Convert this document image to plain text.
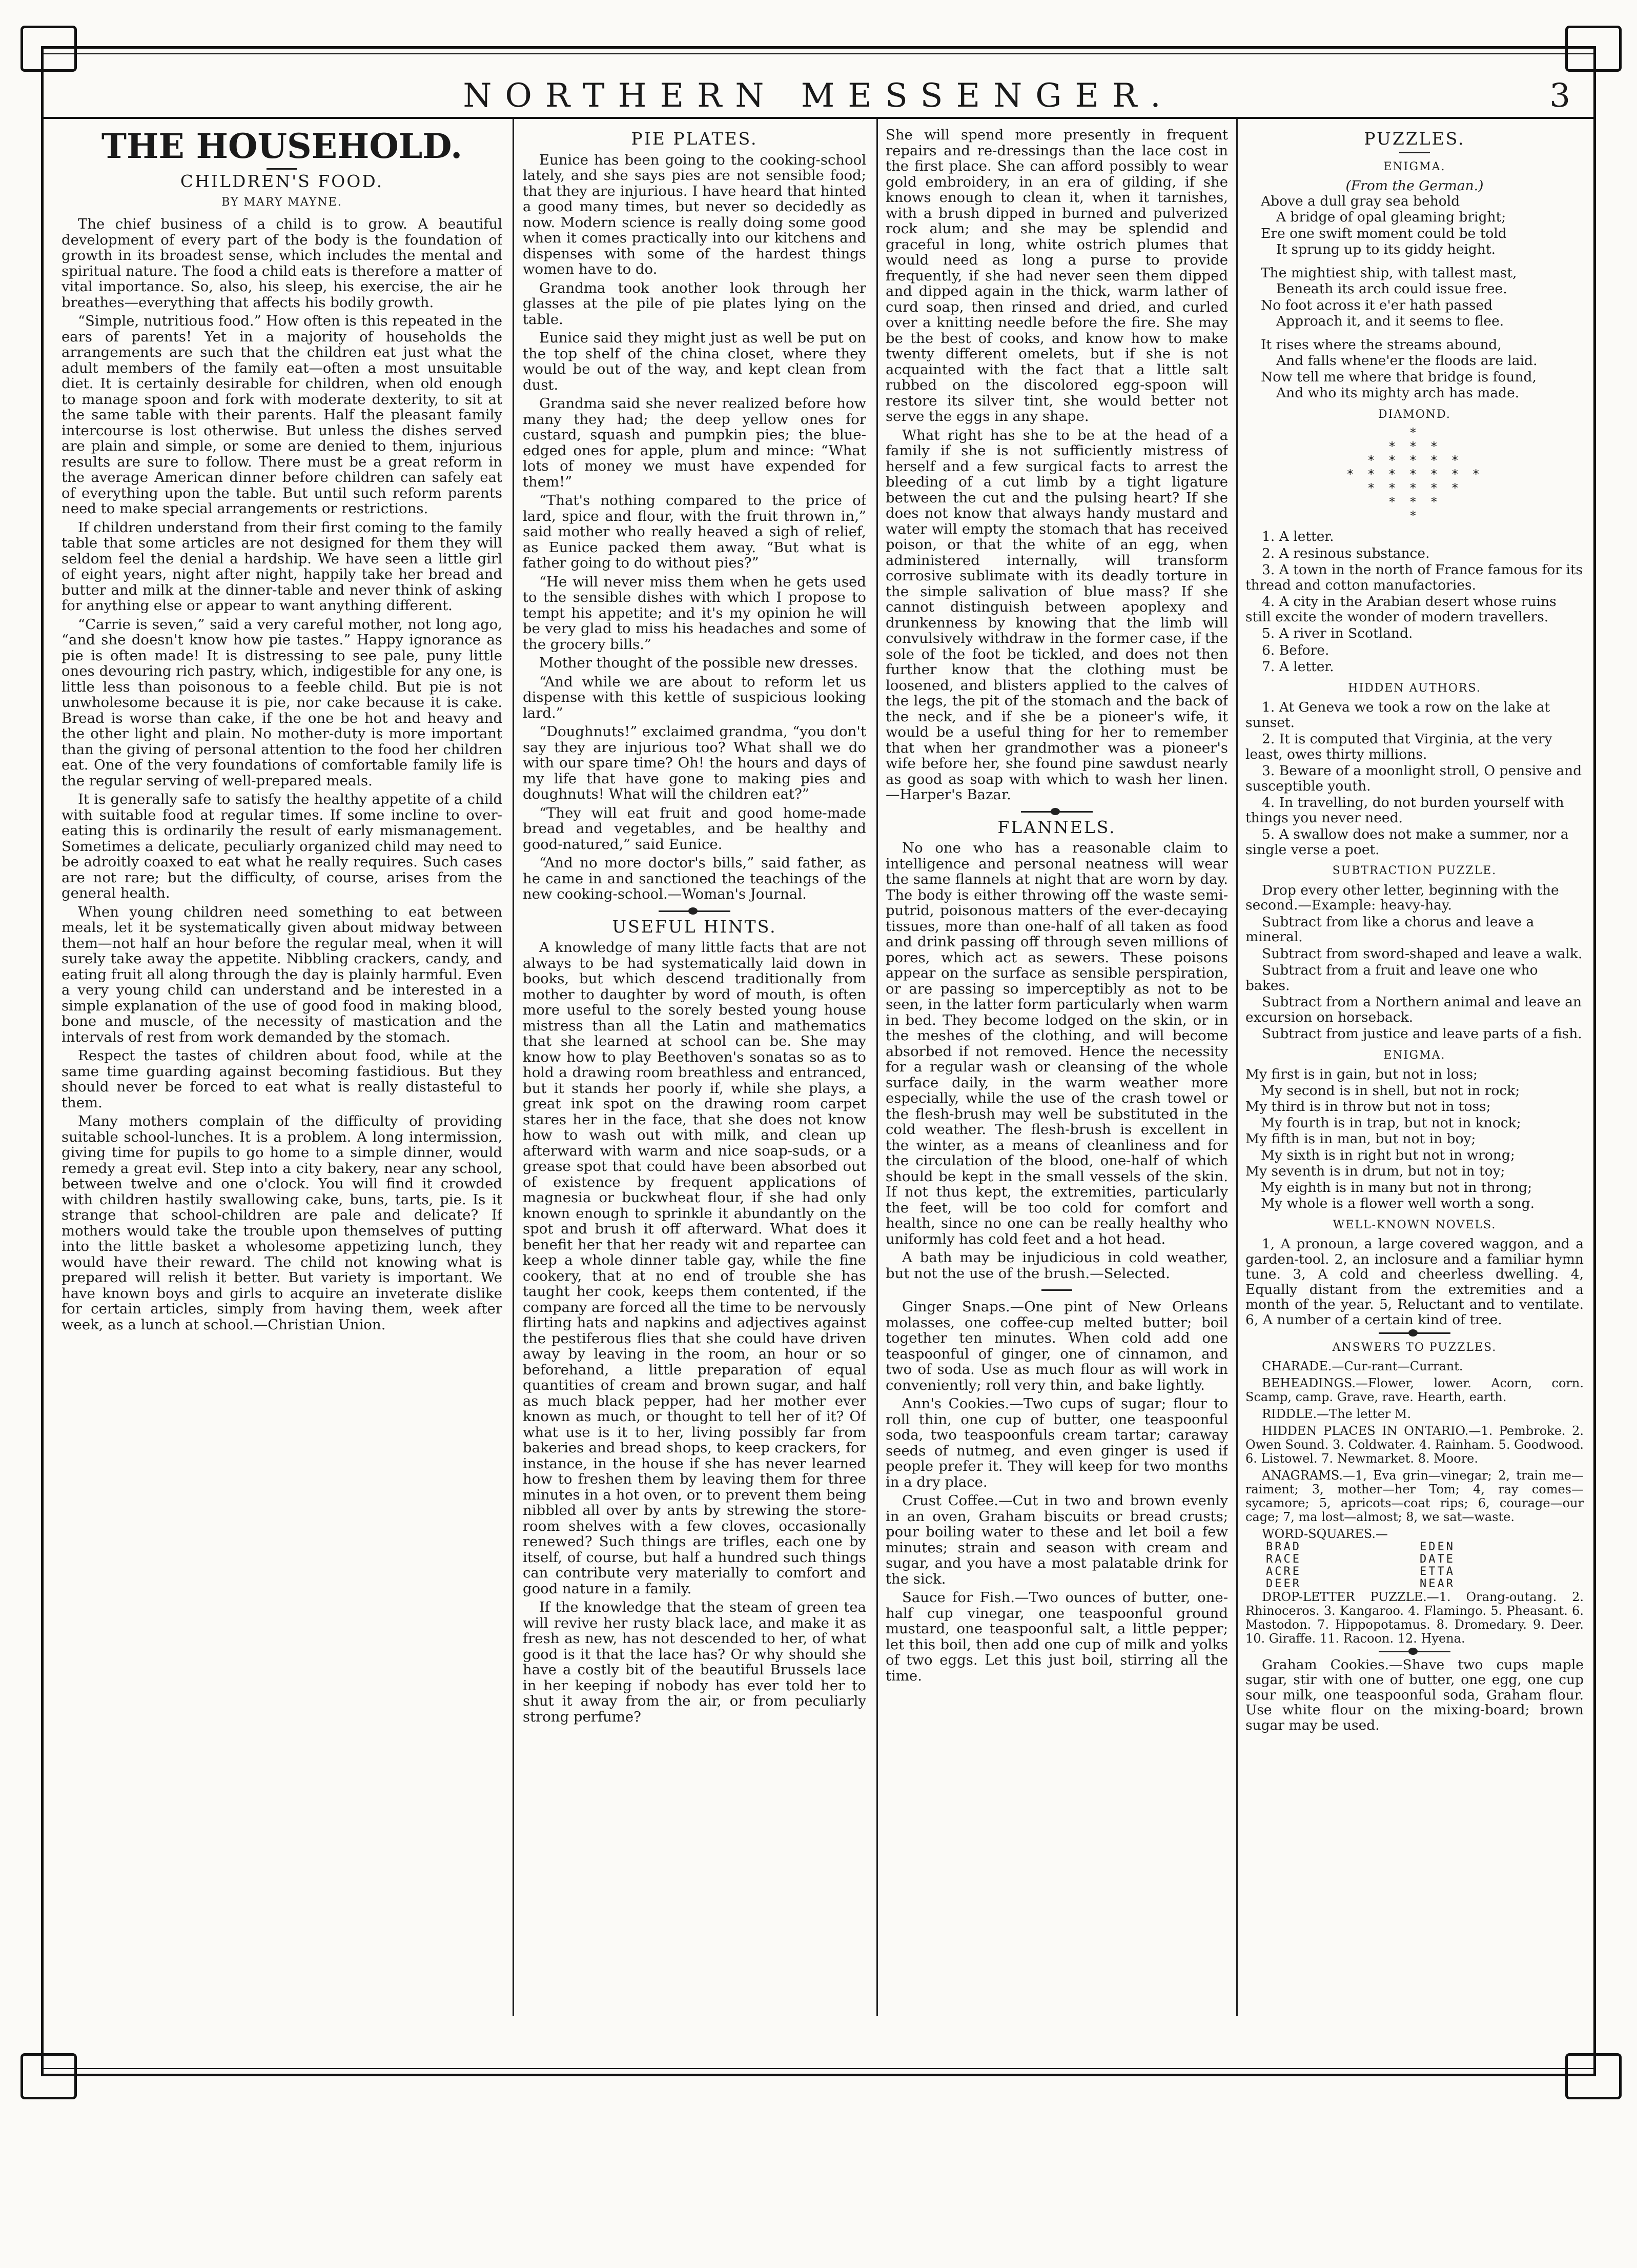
NORTHERN MESSENGER.	3
THE HOUSEHOLD.
CHILDREN'S FOOD.
BY MARY MAYNE.

The chief business of a child is to grow. A beautiful development of every part of the body is the foundation of growth in its broadest sense, which includes the mental and spiritual nature. The food a child eats is therefore a matter of vital importance. So, also, his sleep, his exercise, the air he breathes—everything that affects his bodily growth.

“Simple, nutritious food.” How often is this repeated in the ears of parents! Yet in a majority of households the arrangements are such that the children eat just what the adult members of the family eat—often a most unsuitable diet. It is certainly desirable for children, when old enough to manage spoon and fork with moderate dexterity, to sit at the same table with their parents. Half the pleasant family intercourse is lost otherwise. But unless the dishes served are plain and simple, or some are denied to them, injurious results are sure to follow. There must be a great reform in the average American dinner before children can safely eat of everything upon the table. But until such reform parents need to make special arrangements or restrictions.

If children understand from their first coming to the family table that some articles are not designed for them they will seldom feel the denial a hardship. We have seen a little girl of eight years, night after night, happily take her bread and butter and milk at the dinner-table and never think of asking for anything else or appear to want anything different.

“Carrie is seven,” said a very careful mother, not long ago, “and she doesn't know how pie tastes.” Happy ignorance as pie is often made! It is distressing to see pale, puny little ones devouring rich pastry, which, indigestible for any one, is little less than poisonous to a feeble child. But pie is not unwholesome because it is pie, nor cake because it is cake. Bread is worse than cake, if the one be hot and heavy and the other light and plain. No mother-duty is more important than the giving of personal attention to the food her children eat. One of the very foundations of comfortable family life is the regular serving of well-prepared meals.

It is generally safe to satisfy the healthy appetite of a child with suitable food at regular times. If some incline to over-eating this is ordinarily the result of early mismanagement. Sometimes a delicate, peculiarly organized child may need to be adroitly coaxed to eat what he really requires. Such cases are not rare; but the difficulty, of course, arises from the general health.

When young children need something to eat between meals, let it be systematically given about midway between them—not half an hour before the regular meal, when it will surely take away the appetite. Nibbling crackers, candy, and eating fruit all along through the day is plainly harmful. Even a very young child can understand and be interested in a simple explanation of the use of good food in making blood, bone and muscle, of the necessity of mastication and the intervals of rest from work demanded by the stomach.

Respect the tastes of children about food, while at the same time guarding against becoming fastidious. But they should never be forced to eat what is really distasteful to them.

Many mothers complain of the difficulty of providing suitable school-lunches. It is a problem. A long intermission, giving time for pupils to go home to a simple dinner, would remedy a great evil. Step into a city bakery, near any school, between twelve and one o'clock. You will find it crowded with children hastily swallowing cake, buns, tarts, pie. Is it strange that school-children are pale and delicate? If mothers would take the trouble upon themselves of putting into the little basket a wholesome appetizing lunch, they would have their reward. The child not knowing what is prepared will relish it better. But variety is important. We have known boys and girls to acquire an inveterate dislike for certain articles, simply from having them, week after week, as a lunch at school.—Christian Union.

PIE PLATES.

Eunice has been going to the cooking-school lately, and she says pies are not sensible food; that they are injurious. I have heard that hinted a good many times, but never so decidedly as now. Modern science is really doing some good when it comes practically into our kitchens and dispenses with some of the hardest things women have to do.

Grandma took another look through her glasses at the pile of pie plates lying on the table.

Eunice said they might just as well be put on the top shelf of the china closet, where they would be out of the way, and kept clean from dust.

Grandma said she never realized before how many they had; the deep yellow ones for custard, squash and pumpkin pies; the blue-edged ones for apple, plum and mince: “What lots of money we must have expended for them!”

“That's nothing compared to the price of lard, spice and flour, with the fruit thrown in,” said mother who really heaved a sigh of relief, as Eunice packed them away. “But what is father going to do without pies?”

“He will never miss them when he gets used to the sensible dishes with which I propose to tempt his appetite; and it's my opinion he will be very glad to miss his headaches and some of the grocery bills.”

Mother thought of the possible new dresses.

“And while we are about to reform let us dispense with this kettle of suspicious looking lard.”

“Doughnuts!” exclaimed grandma, “you don't say they are injurious too? What shall we do with our spare time? Oh! the hours and days of my life that have gone to making pies and doughnuts! What will the children eat?”

“They will eat fruit and good home-made bread and vegetables, and be healthy and good-natured,” said Eunice.

“And no more doctor's bills,” said father, as he came in and sanctioned the teachings of the new cooking-school.—Woman's Journal.

USEFUL HINTS.

A knowledge of many little facts that are not always to be had systematically laid down in books, but which descend traditionally from mother to daughter by word of mouth, is often more useful to the sorely bested young house mistress than all the Latin and mathematics that she learned at school can be. She may know how to play Beethoven's sonatas so as to hold a drawing room breathless and entranced, but it stands her poorly if, while she plays, a great ink spot on the drawing room carpet stares her in the face, that she does not know how to wash out with milk, and clean up afterward with warm and nice soap-suds, or a grease spot that could have been absorbed out of existence by frequent applications of magnesia or buckwheat flour, if she had only known enough to sprinkle it abundantly on the spot and brush it off afterward. What does it benefit her that her ready wit and repartee can keep a whole dinner table gay, while the fine cookery, that at no end of trouble she has taught her cook, keeps them contented, if the company are forced all the time to be nervously flirting hats and napkins and adjectives against the pestiferous flies that she could have driven away by leaving in the room, an hour or so beforehand, a little preparation of equal quantities of cream and brown sugar, and half as much black pepper, had her mother ever known as much, or thought to tell her of it? Of what use is it to her, living possibly far from bakeries and bread shops, to keep crackers, for instance, in the house if she has never learned how to freshen them by leaving them for three minutes in a hot oven, or to prevent them being nibbled all over by ants by strewing the store-room shelves with a few cloves, occasionally renewed? Such things are trifles, each one by itself, of course, but half a hundred such things can contribute very materially to comfort and good nature in a family.

If the knowledge that the steam of green tea will revive her rusty black lace, and make it as fresh as new, has not descended to her, of what good is it that the lace has? Or why should she have a costly bit of the beautiful Brussels lace in her keeping if nobody has ever told her to shut it away from the air, or from peculiarly strong perfume?

She will spend more presently in frequent repairs and re-dressings than the lace cost in the first place. She can afford possibly to wear gold embroidery, in an era of gilding, if she knows enough to clean it, when it tarnishes, with a brush dipped in burned and pulverized rock alum; and she may be splendid and graceful in long, white ostrich plumes that would need as long a purse to provide frequently, if she had never seen them dipped and dipped again in the thick, warm lather of curd soap, then rinsed and dried, and curled over a knitting needle before the fire. She may be the best of cooks, and know how to make twenty different omelets, but if she is not acquainted with the fact that a little salt rubbed on the discolored egg-spoon will restore its silver tint, she would better not serve the eggs in any shape.

What right has she to be at the head of a family if she is not sufficiently mistress of herself and a few surgical facts to arrest the bleeding of a cut limb by a tight ligature between the cut and the pulsing heart? If she does not know that always handy mustard and water will empty the stomach that has received poison, or that the white of an egg, when administered internally, will transform corrosive sublimate with its deadly torture in the simple salivation of blue mass? If she cannot distinguish between apoplexy and drunkenness by knowing that the limb will convulsively withdraw in the former case, if the sole of the foot be tickled, and does not then further know that the clothing must be loosened, and blisters applied to the calves of the legs, the pit of the stomach and the back of the neck, and if she be a pioneer's wife, it would be a useful thing for her to remember that when her grandmother was a pioneer's wife before her, she found pine sawdust nearly as good as soap with which to wash her linen.—Harper's Bazar.

FLANNELS.

No one who has a reasonable claim to intelligence and personal neatness will wear the same flannels at night that are worn by day. The body is either throwing off the waste semi-putrid, poisonous matters of the ever-decaying tissues, more than one-half of all taken as food and drink passing off through seven millions of pores, which act as sewers. These poisons appear on the surface as sensible perspiration, or are passing so imperceptibly as not to be seen, in the latter form particularly when warm in bed. They become lodged on the skin, or in the meshes of the clothing, and will become absorbed if not removed. Hence the necessity for a regular wash or cleansing of the whole surface daily, in the warm weather more especially, while the use of the crash towel or the flesh-brush may well be substituted in the cold weather. The flesh-brush is excellent in the winter, as a means of cleanliness and for the circulation of the blood, one-half of which should be kept in the small vessels of the skin. If not thus kept, the extremities, particularly the feet, will be too cold for comfort and health, since no one can be really healthy who uniformly has cold feet and a hot head.

A bath may be injudicious in cold weather, but not the use of the brush.—Selected.

Ginger Snaps.—One pint of New Orleans molasses, one coffee-cup melted butter; boil together ten minutes. When cold add one teaspoonful of ginger, one of cinnamon, and two of soda. Use as much flour as will work in conveniently; roll very thin, and bake lightly.

Ann's Cookies.—Two cups of sugar; flour to roll thin, one cup of butter, one teaspoonful soda, two teaspoonfuls cream tartar; caraway seeds of nutmeg, and even ginger is used if people prefer it. They will keep for two months in a dry place.

Crust Coffee.—Cut in two and brown evenly in an oven, Graham biscuits or bread crusts; pour boiling water to these and let boil a few minutes; strain and season with cream and sugar, and you have a most palatable drink for the sick.

Sauce for Fish.—Two ounces of butter, one-half cup vinegar, one teaspoonful ground mustard, one teaspoonful salt, a little pepper; let this boil, then add one cup of milk and yolks of two eggs. Let this just boil, stirring all the time.

PUZZLES.
ENIGMA.
(From the German.)
Above a dull gray sea behold
A bridge of opal gleaming bright;
Ere one swift moment could be told
It sprung up to its giddy height.
The mightiest ship, with tallest mast,
Beneath its arch could issue free.
No foot across it e'er hath passed
Approach it, and it seems to flee.
It rises where the streams abound,
And falls whene'er the floods are laid.
Now tell me where that bridge is found,
And who its mighty arch has made.
DIAMOND.
*
* * *
* * * * *
* * * * * * *
* * * * *
* * *
*
1. A letter.
2. A resinous substance.
3. A town in the north of France famous for its thread and cotton manufactories.
4. A city in the Arabian desert whose ruins still excite the wonder of modern travellers.
5. A river in Scotland.
6. Before.
7. A letter.
HIDDEN AUTHORS.
1. At Geneva we took a row on the lake at sunset.
2. It is computed that Virginia, at the very least, owes thirty millions.
3. Beware of a moonlight stroll, O pensive and susceptible youth.
4. In travelling, do not burden yourself with things you never need.
5. A swallow does not make a summer, nor a single verse a poet.
SUBTRACTION PUZZLE.
Drop every other letter, beginning with the second.—Example: heavy-hay.
Subtract from like a chorus and leave a mineral.
Subtract from sword-shaped and leave a walk.
Subtract from a fruit and leave one who bakes.
Subtract from a Northern animal and leave an excursion on horseback.
Subtract from justice and leave parts of a fish.
ENIGMA.
My first is in gain, but not in loss;
My second is in shell, but not in rock;
My third is in throw but not in toss;
My fourth is in trap, but not in knock;
My fifth is in man, but not in boy;
My sixth is in right but not in wrong;
My seventh is in drum, but not in toy;
My eighth is in many but not in throng;
My whole is a flower well worth a song.
WELL-KNOWN NOVELS.

1, A pronoun, a large covered waggon, and a garden-tool. 2, an inclosure and a familiar hymn tune. 3, A cold and cheerless dwelling. 4, Equally distant from the extremities and a month of the year. 5, Reluctant and to ventilate. 6, A number of a certain kind of tree.

ANSWERS TO PUZZLES.

CHARADE.—Cur-rant—Currant.

BEHEADINGS.—Flower, lower. Acorn, corn. Scamp, camp. Grave, rave. Hearth, earth.

RIDDLE.—The letter M.

HIDDEN PLACES IN ONTARIO.—1. Pembroke. 2. Owen Sound. 3. Coldwater. 4. Rainham. 5. Goodwood. 6. Listowel. 7. Newmarket. 8. Moore.

ANAGRAMS.—1, Eva grin—vinegar; 2, train me—raiment; 3, mother—her Tom; 4, ray comes—sycamore; 5, apricots—coat rips; 6, courage—our cage; 7, ma lost—almost; 8, we sat—waste.

WORD-SQUARES.—
BRAD	EDEN
RACE	DATE
ACRE	ETTA
DEER	NEAR

DROP-LETTER PUZZLE.—1. Orang-outang. 2. Rhinoceros. 3. Kangaroo. 4. Flamingo. 5. Pheasant. 6. Mastodon. 7. Hippopotamus. 8. Dromedary. 9. Deer. 10. Giraffe. 11. Racoon. 12. Hyena.

Graham Cookies.—Shave two cups maple sugar, stir with one of butter, one egg, one cup sour milk, one teaspoonful soda, Graham flour. Use white flour on the mixing-board; brown sugar may be used.
